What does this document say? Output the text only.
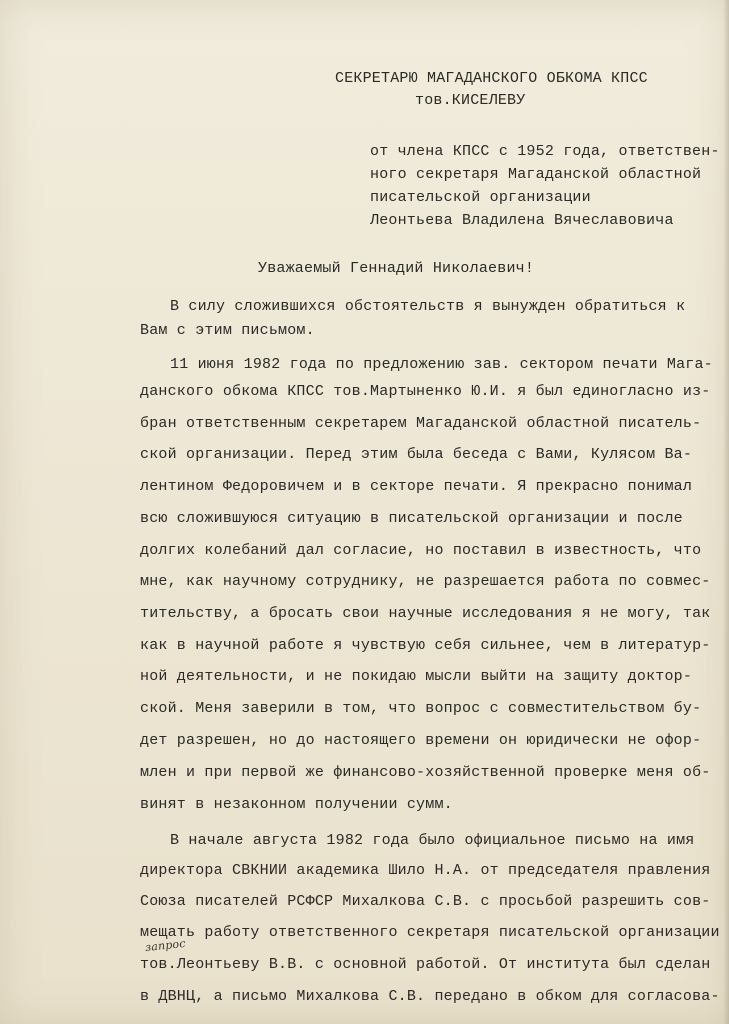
СЕКРЕТАРЮ МАГАДАНСКОГО ОБКОМА КПСС
тов.КИСЕЛЕВУ
от члена КПСС с 1952 года, ответствен-
ного секретаря Магаданской областной
писательской организации
Леонтьева Владилена Вячеславовича
Уважаемый Геннадий Николаевич!
В силу сложившихся обстоятельств я вынужден обратиться к
Вам с этим письмом.
11 июня 1982 года по предложению зав. сектором печати Мага-
данского обкома КПСС тов.Мартыненко Ю.И. я был единогласно из-
бран ответственным секретарем Магаданской областной писатель-
ской организации. Перед этим была беседа с Вами, Кулясом Ва-
лентином Федоровичем и в секторе печати. Я прекрасно понимал
всю сложившуюся ситуацию в писательской организации и после
долгих колебаний дал согласие, но поставил в известность, что
мне, как научному сотруднику, не разрешается работа по совмес-
тительству, а бросать свои научные исследования я не могу, так
как в научной работе я чувствую себя сильнее, чем в литератур-
ной деятельности, и не покидаю мысли выйти на защиту доктор-
ской. Меня заверили в том, что вопрос с совместительством бу-
дет разрешен, но до настоящего времени он юридически не офор-
млен и при первой же финансово-хозяйственной проверке меня об-
винят в незаконном получении сумм.
В начале августа 1982 года было официальное письмо на имя
директора СВКНИИ академика Шило Н.А. от председателя правления
Союза писателей РСФСР Михалкова С.В. с просьбой разрешить сов-
мещать работу ответственного секретаря писательской организации
тов.Леонтьеву В.В. с основной работой. От института был сделан
в ДВНЦ, а письмо Михалкова С.В. передано в обком для согласова-
запрос
